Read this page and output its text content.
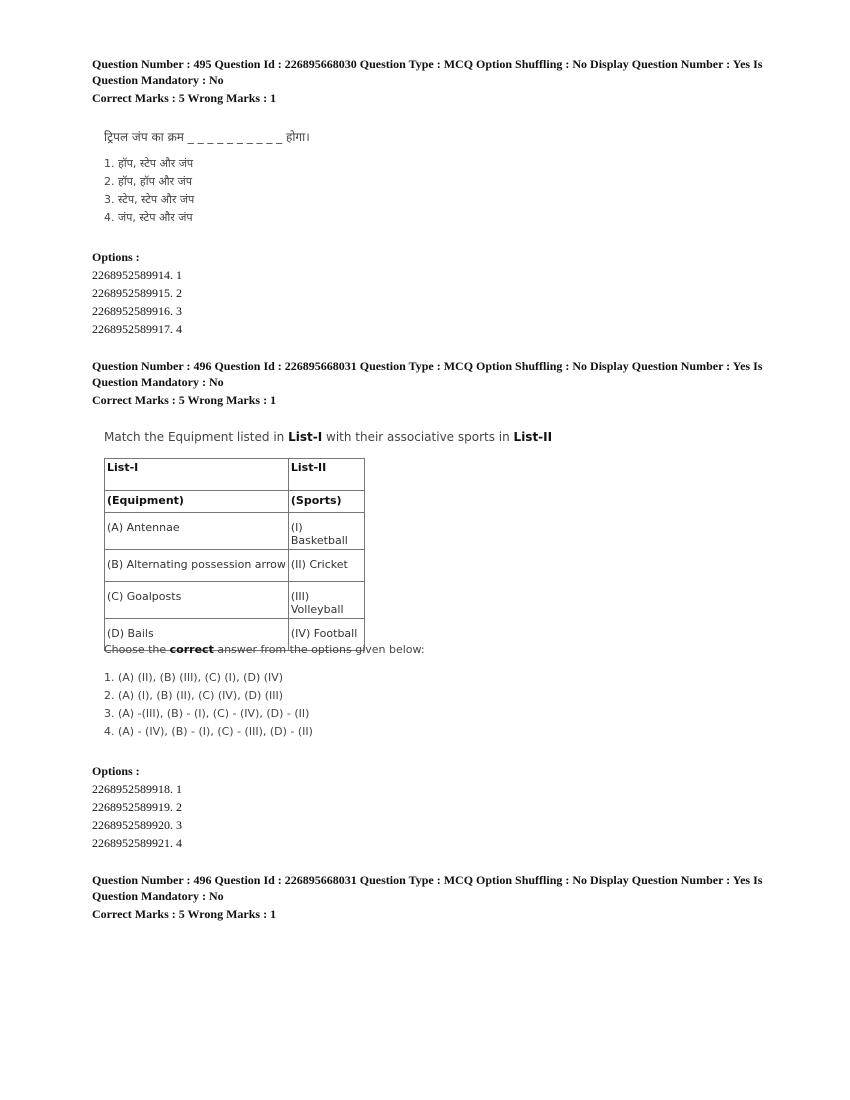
Question Number : 495 Question Id : 226895668030 Question Type : MCQ Option Shuffling : No Display Question Number : Yes Is

Question Mandatory : No

Correct Marks : 5 Wrong Marks : 1

ट्रिपल जंप का क्रम _ _ _ _ _ _ _ _ _ _ होगा।
1. हॉप, स्टेप और जंप
2. हॉप, हॉप और जंप
3. स्टेप, स्टेप और जंप
4. जंप, स्टेप और जंप
Options :
2268952589914. 1
2268952589915. 2
2268952589916. 3
2268952589917. 4

Question Number : 496 Question Id : 226895668031 Question Type : MCQ Option Shuffling : No Display Question Number : Yes Is

Question Mandatory : No

Correct Marks : 5 Wrong Marks : 1

Match the Equipment listed in List-I with their associative sports in List-II
List-I	List-II
(Equipment)	(Sports)
(A) Antennae	(I) Basketball
(B) Alternating possession arrow	(II) Cricket
(C) Goalposts	(III) Volleyball
(D) Bails	(IV) Football
Choose the correct answer from the options given below:
1. (A) (II), (B) (III), (C) (I), (D) (IV)
2. (A) (I), (B) (II), (C) (IV), (D) (III)
3. (A) -(III), (B) - (I), (C) - (IV), (D) - (II)
4. (A) - (IV), (B) - (I), (C) - (III), (D) - (II)
Options :
2268952589918. 1
2268952589919. 2
2268952589920. 3
2268952589921. 4

Question Number : 496 Question Id : 226895668031 Question Type : MCQ Option Shuffling : No Display Question Number : Yes Is

Question Mandatory : No

Correct Marks : 5 Wrong Marks : 1
